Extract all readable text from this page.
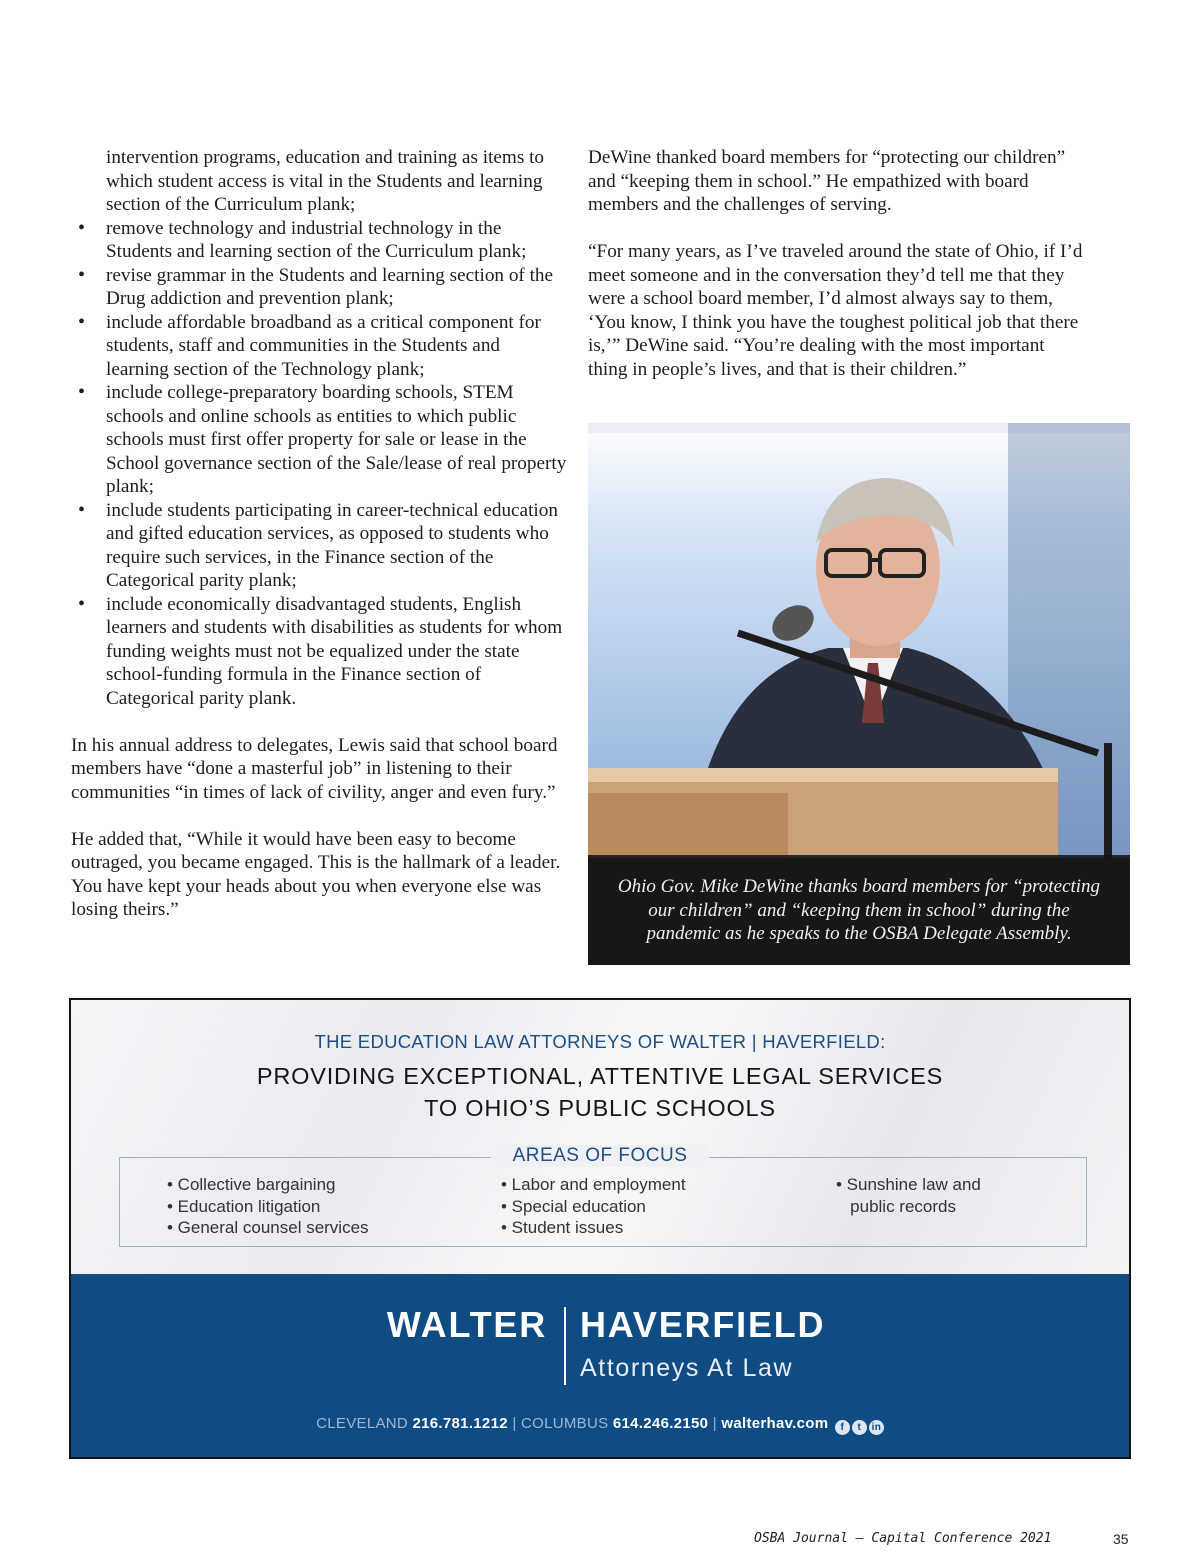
intervention programs, education and training as items to which student access is vital in the Students and learning section of the Curriculum plank;

• remove technology and industrial technology in the Students and learning section of the Curriculum plank;
• revise grammar in the Students and learning section of the Drug addiction and prevention plank;
• include affordable broadband as a critical component for students, staff and communities in the Students and learning section of the Technology plank;
• include college-preparatory boarding schools, STEM schools and online schools as entities to which public schools must first offer property for sale or lease in the School governance section of the Sale/lease of real property plank;
• include students participating in career-technical education and gifted education services, as opposed to students who require such services, in the Finance section of the Categorical parity plank;
• include economically disadvantaged students, English learners and students with disabilities as students for whom funding weights must not be equalized under the state school-funding formula in the Finance section of Categorical parity plank.

In his annual address to delegates, Lewis said that school board members have “done a masterful job” in listening to their communities “in times of lack of civility, anger and even fury.”

He added that, “While it would have been easy to become outraged, you became engaged. This is the hallmark of a leader. You have kept your heads about you when everyone else was losing theirs.”

DeWine thanked board members for “protecting our children” and “keeping them in school.” He empathized with board members and the challenges of serving.

“For many years, as I’ve traveled around the state of Ohio, if I’d meet someone and in the conversation they’d tell me that they were a school board member, I’d almost always say to them, ‘You know, I think you have the toughest political job that there is,’” DeWine said. “You’re dealing with the most important thing in people’s lives, and that is their children.”

Ohio Gov. Mike DeWine thanks board members for “protecting our children” and “keeping them in school” during the pandemic as he speaks to the OSBA Delegate Assembly.
THE EDUCATION LAW ATTORNEYS OF WALTER | HAVERFIELD:
PROVIDING EXCEPTIONAL, ATTENTIVE LEGAL SERVICES
TO OHIO’S PUBLIC SCHOOLS
AREAS OF FOCUS
• Collective bargaining
• Education litigation
• General counsel services
• Labor and employment
• Special education
• Student issues
• Sunshine law and
public records
WALTER HAVERFIELD
Attorneys At Law
CLEVELAND 216.781.1212 | COLUMBUS 614.246.2150 | walterhav.com f t in
OSBA Journal — Capital Conference 2021	35
